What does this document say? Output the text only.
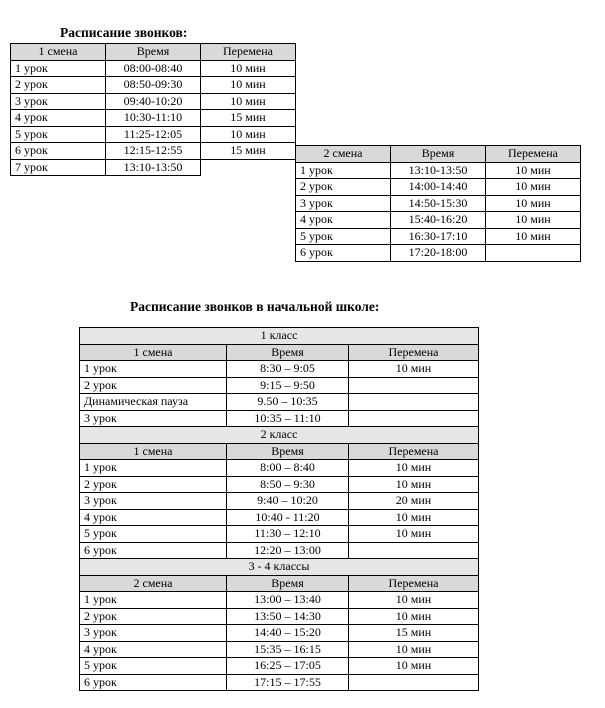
Расписание звонков:
1 смена	Время	Перемена
1 урок	08:00-08:40	10 мин
2 урок	08:50-09:30	10 мин
3 урок	09:40-10:20	10 мин
4 урок	10:30-11:10	15 мин
5 урок	11:25-12:05	10 мин
6 урок	12:15-12:55	15 мин
7 урок	13:10-13:50	
2 смена	Время	Перемена
1 урок	13:10-13:50	10 мин
2 урок	14:00-14:40	10 мин
3 урок	14:50-15:30	10 мин
4 урок	15:40-16:20	10 мин
5 урок	16:30-17:10	10 мин
6 урок	17:20-18:00	
Расписание звонков в начальной школе:
1 класс		
1 смена	Время	Перемена
1 урок	8:30 – 9:05	10 мин
2 урок	9:15 – 9:50	
Динамическая пауза	9.50 – 10:35	
3 урок	10:35 – 11:10	
2 класс		
1 смена	Время	Перемена
1 урок	8:00 – 8:40	10 мин
2 урок	8:50 – 9:30	10 мин
3 урок	9:40 – 10:20	20 мин
4 урок	10:40 - 11:20	10 мин
5 урок	11:30 – 12:10	10 мин
6 урок	12:20 – 13:00	
3 - 4 классы		
2 смена	Время	Перемена
1 урок	13:00 – 13:40	10 мин
2 урок	13:50 – 14:30	10 мин
3 урок	14:40 – 15:20	15 мин
4 урок	15:35 – 16:15	10 мин
5 урок	16:25 – 17:05	10 мин
6 урок	17:15 – 17:55	
